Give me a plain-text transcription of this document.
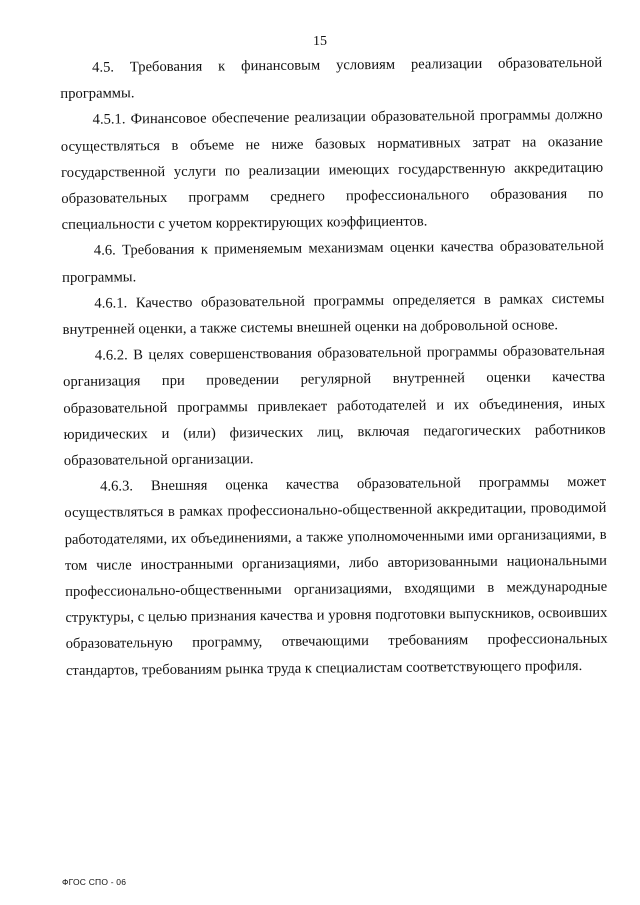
15

4.5. Требования к финансовым условиям реализации образовательной программы.

4.5.1. Финансовое обеспечение реализации образовательной программы должно осуществляться в объеме не ниже базовых нормативных затрат на оказание государственной услуги по реализации имеющих государственную аккредитацию образовательных программ среднего профессионального образования по специальности с учетом корректирующих коэффициентов.

4.6. Требования к применяемым механизмам оценки качества образовательной программы.

4.6.1. Качество образовательной программы определяется в рамках системы внутренней оценки, а также системы внешней оценки на добровольной основе.

4.6.2. В целях совершенствования образовательной программы образовательная организация при проведении регулярной внутренней оценки качества образовательной программы привлекает работодателей и их объединения, иных юридических и (или) физических лиц, включая педагогических работников образовательной организации.

4.6.3. Внешняя оценка качества образовательной программы может осуществляться в рамках профессионально-общественной аккредитации, проводимой работодателями, их объединениями, а также уполномоченными ими организациями, в том числе иностранными организациями, либо авторизованными национальными профессионально-общественными организациями, входящими в международные структуры, с целью признания качества и уровня подготовки выпускников, освоивших образовательную программу, отвечающими требованиям профессиональных стандартов, требованиям рынка труда к специалистам соответствующего профиля.

ФГОС СПО - 06
